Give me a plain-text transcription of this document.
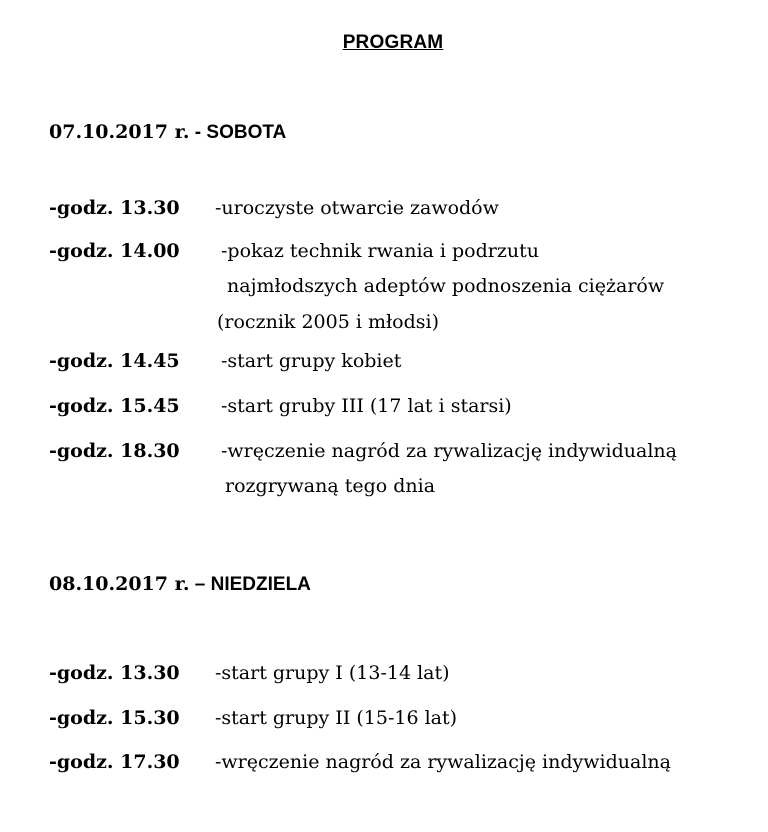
PROGRAM
07.10.2017 r. - SOBOTA
-godz. 13.30 -uroczyste otwarcie zawodów
-godz. 14.00 -pokaz technik rwania i podrzutu
najmłodszych adeptów podnoszenia ciężarów
(rocznik 2005 i młodsi)
-godz. 14.45 -start grupy kobiet
-godz. 15.45 -start gruby III (17 lat i starsi)
-godz. 18.30 -wręczenie nagród za rywalizację indywidualną
rozgrywaną tego dnia
08.10.2017 r. – NIEDZIELA
-godz. 13.30 -start grupy I (13-14 lat)
-godz. 15.30 -start grupy II (15-16 lat)
-godz. 17.30 -wręczenie nagród za rywalizację indywidualną
